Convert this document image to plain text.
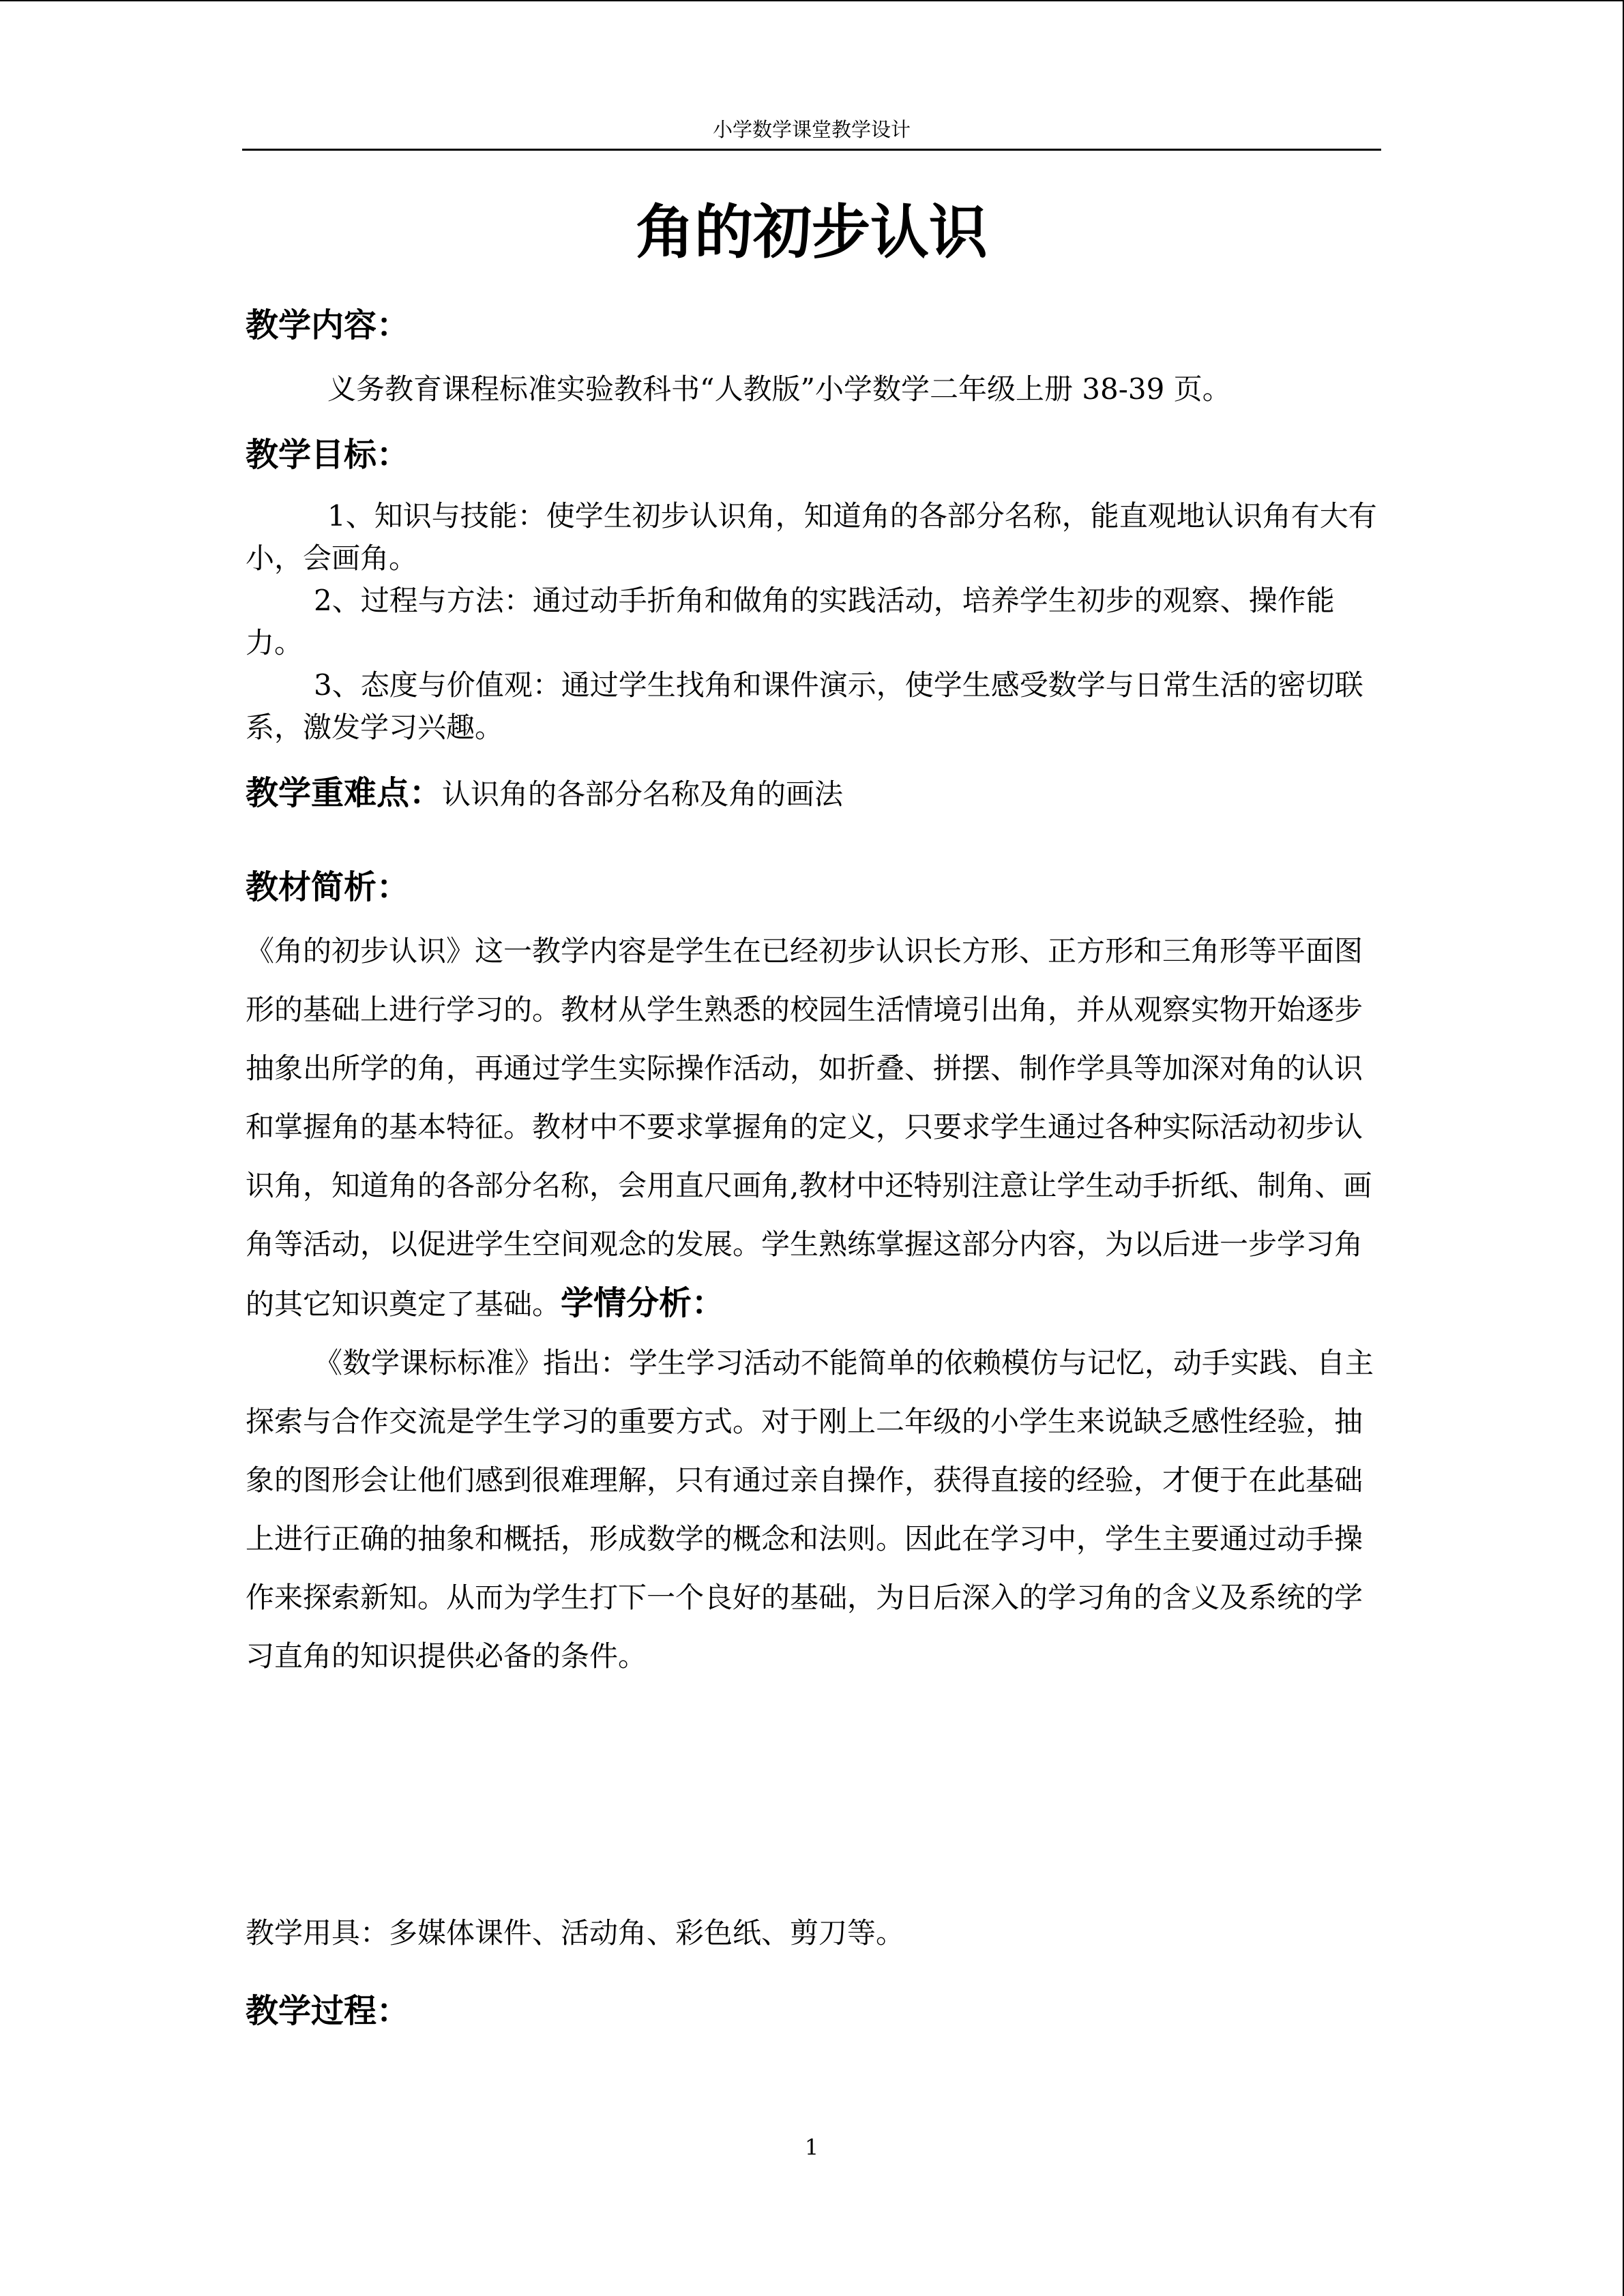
小学数学课堂教学设计
角的初步认识
教学内容：
义务教育课程标准实验教科书“人教版”小学数学二年级上册 38-39 页。
教学目标：
1、知识与技能：使学生初步认识角，知道角的各部分名称，能直观地认识角有大有小，会画角。
2、过程与方法：通过动手折角和做角的实践活动，培养学生初步的观察、操作能力。
3、态度与价值观：通过学生找角和课件演示，使学生感受数学与日常生活的密切联系，激发学习兴趣。
教学重难点：认识角的各部分名称及角的画法
教材简析：

《角的初步认识》这一教学内容是学生在已经初步认识长方形、正方形和三角形等平面图形的基础上进行学习的。教材从学生熟悉的校园生活情境引出角，并从观察实物开始逐步抽象出所学的角，再通过学生实际操作活动，如折叠、拼摆、制作学具等加深对角的认识和掌握角的基本特征。教材中不要求掌握角的定义，只要求学生通过各种实际活动初步认识角，知道角的各部分名称，会用直尺画角,教材中还特别注意让学生动手折纸、制角、画角等活动，以促进学生空间观念的发展。学生熟练掌握这部分内容，为以后进一步学习角的其它知识奠定了基础。学情分析：

《数学课标标准》指出：学生学习活动不能简单的依赖模仿与记忆，动手实践、自主探索与合作交流是学生学习的重要方式。对于刚上二年级的小学生来说缺乏感性经验，抽象的图形会让他们感到很难理解，只有通过亲自操作，获得直接的经验，才便于在此基础上进行正确的抽象和概括，形成数学的概念和法则。因此在学习中，学生主要通过动手操作来探索新知。从而为学生打下一个良好的基础，为日后深入的学习角的含义及系统的学习直角的知识提供必备的条件。

教学用具：多媒体课件、活动角、彩色纸、剪刀等。
教学过程：
1
